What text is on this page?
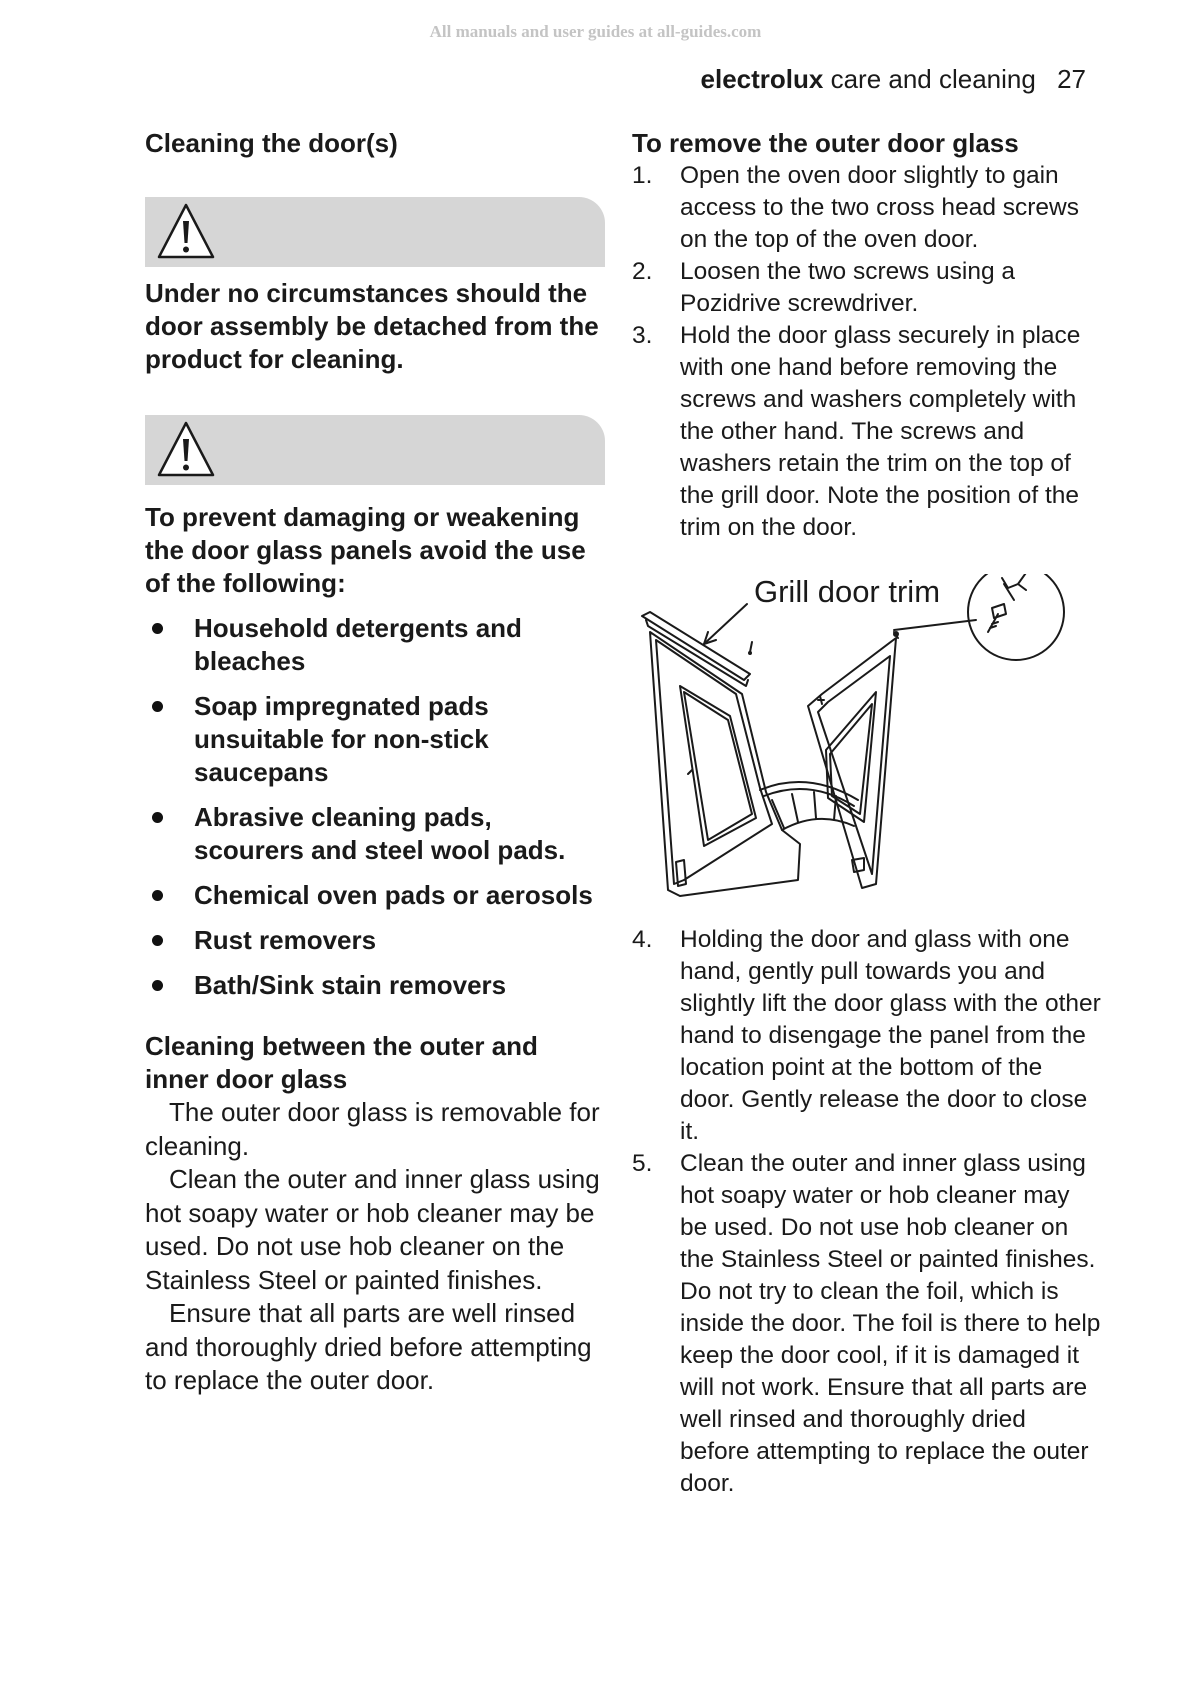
All manuals and user guides at all-guides.com
electrolux care and cleaning 27
Cleaning the door(s)

Under no circumstances should the door assembly be detached from the product for cleaning.

To prevent damaging or weakening the door glass panels avoid the use of the following:

Household detergents and bleaches
Soap impregnated pads unsuitable for non-stick saucepans
Abrasive cleaning pads, scourers and steel wool pads.
Chemical oven pads or aerosols
Rust removers
Bath/Sink stain removers
Cleaning between the outer and inner door glass

The outer door glass is removable for cleaning.

Clean the outer and inner glass using hot soapy water or hob cleaner may be used. Do not use hob cleaner on the Stainless Steel or painted finishes.

Ensure that all parts are well rinsed and thoroughly dried before attempting to replace the outer door.

To remove the outer door glass
1. Open the oven door slightly to gain access to the two cross head screws on the top of the oven door.
2. Loosen the two screws using a Pozidrive screwdriver.
3. Hold the door glass securely in place with one hand before removing the screws and washers completely with the other hand. The screws and washers retain the trim on the top of the grill door. Note the position of the trim on the door.
Grill door trim
4. Holding the door and glass with one hand, gently pull towards you and slightly lift the door glass with the other hand to disengage the panel from the location point at the bottom of the door. Gently release the door to close it.
5. Clean the outer and inner glass using hot soapy water or hob cleaner may be used. Do not use hob cleaner on the Stainless Steel or painted finishes. Do not try to clean the foil, which is inside the door. The foil is there to help keep the door cool, if it is damaged it will not work. Ensure that all parts are well rinsed and thoroughly dried before attempting to replace the outer door.
